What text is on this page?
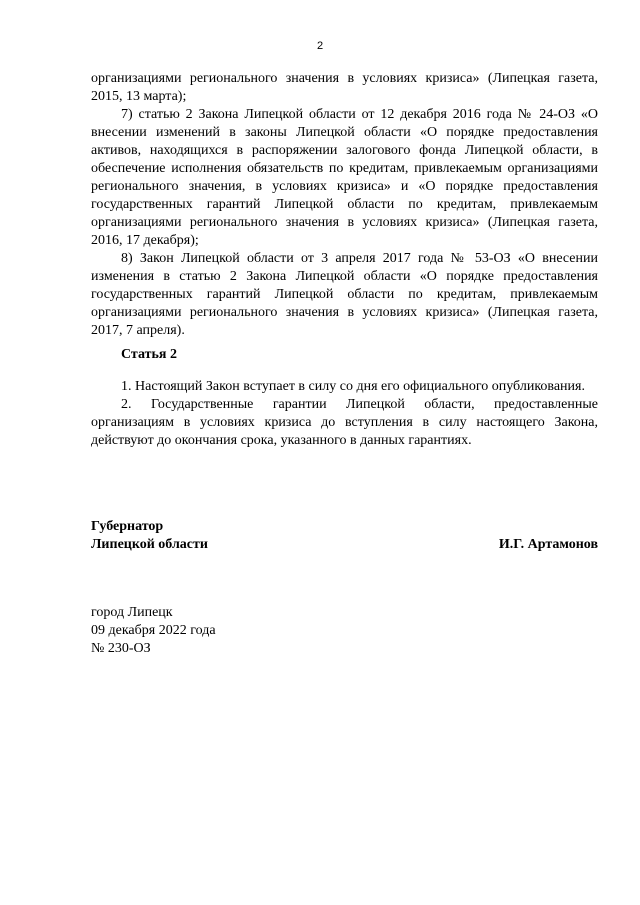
2

организациями регионального значения в условиях кризиса» (Липецкая газета, 2015, 13 марта);

7) статью 2 Закона Липецкой области от 12 декабря 2016 года № 24-ОЗ «О внесении изменений в законы Липецкой области «О порядке предоставления активов, находящихся в распоряжении залогового фонда Липецкой области, в обеспечение исполнения обязательств по кредитам, привлекаемым организациями регионального значения, в условиях кризиса» и «О порядке предоставления государственных гарантий Липецкой области по кредитам, привлекаемым организациями регионального значения в условиях кризиса» (Липецкая газета, 2016, 17 декабря);

8) Закон Липецкой области от 3 апреля 2017 года № 53-ОЗ «О внесении изменения в статью 2 Закона Липецкой области «О порядке предоставления государственных гарантий Липецкой области по кредитам, привлекаемым организациями регионального значения в условиях кризиса» (Липецкая газета, 2017, 7 апреля).

Статья 2

1. Настоящий Закон вступает в силу со дня его официального опубликования.

2. Государственные гарантии Липецкой области, предоставленные организациям в условиях кризиса до вступления в силу настоящего Закона, действуют до окончания срока, указанного в данных гарантиях.

Губернатор
Липецкой области	И.Г. Артамонов
город Липецк
09 декабря 2022 года
№ 230-ОЗ
